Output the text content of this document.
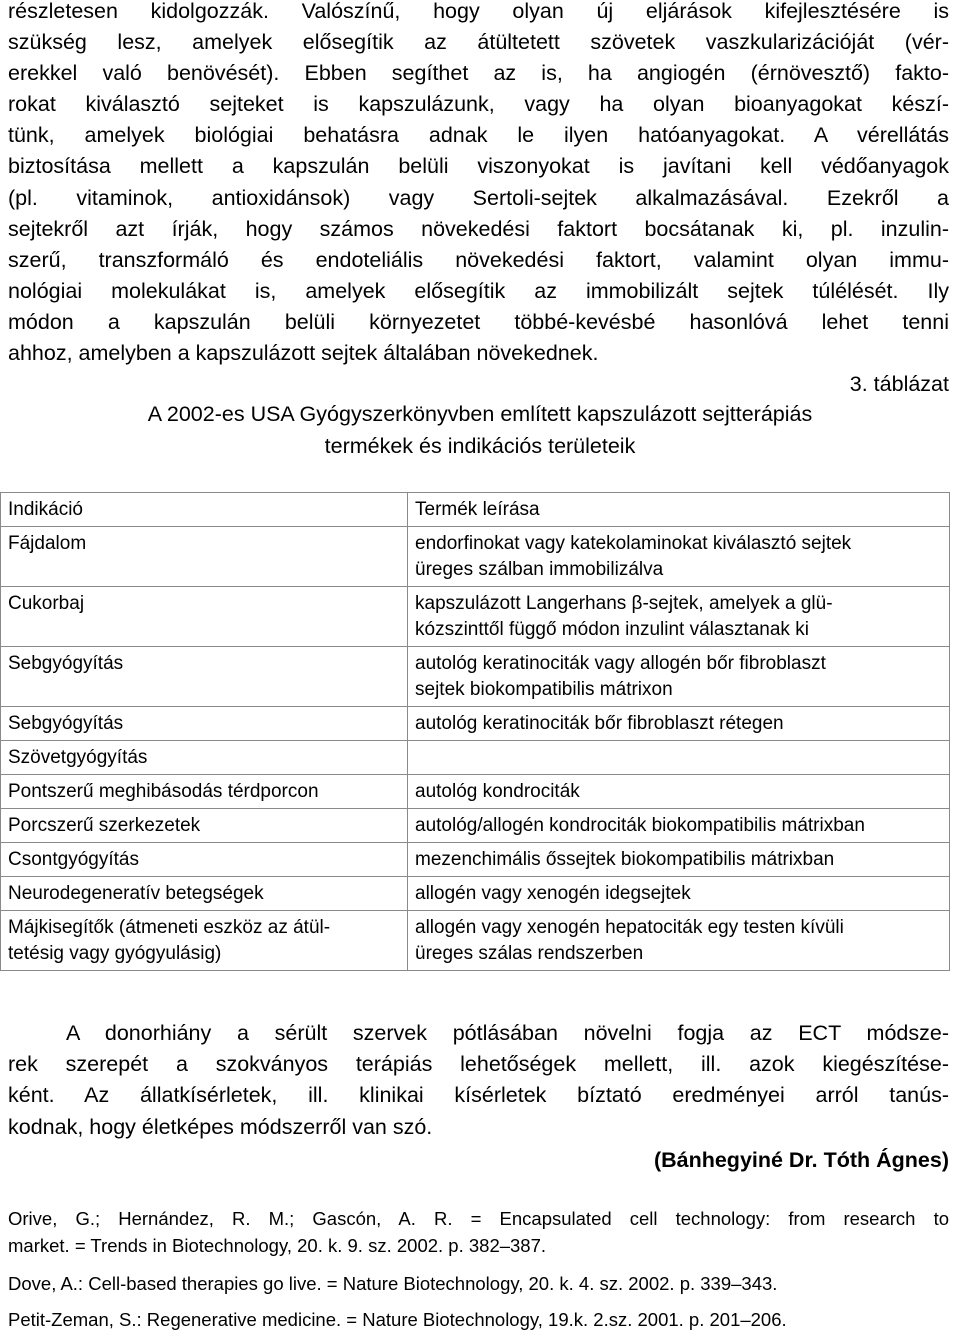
részletesen kidolgozzák. Valószínű, hogy olyan új eljárások kifejlesztésére is
szükség lesz, amelyek elősegítik az átültetett szövetek vaszkularizációját (vér-
erekkel való benövését). Ebben segíthet az is, ha angiogén (érnövesztő) fakto-
rokat kiválasztó sejteket is kapszulázunk, vagy ha olyan bioanyagokat készí-
tünk, amelyek biológiai behatásra adnak le ilyen hatóanyagokat. A vérellátás
biztosítása mellett a kapszulán belüli viszonyokat is javítani kell védőanyagok
(pl. vitaminok, antioxidánsok) vagy Sertoli-sejtek alkalmazásával. Ezekről a
sejtekről azt írják, hogy számos növekedési faktort bocsátanak ki, pl. inzulin-
szerű, transzformáló és endoteliális növekedési faktort, valamint olyan immu-
nológiai molekulákat is, amelyek elősegítik az immobilizált sejtek túlélését. Ily
módon a kapszulán belüli környezetet többé-kevésbé hasonlóvá lehet tenni
ahhoz, amelyben a kapszulázott sejtek általában növekednek.
3. táblázat
A 2002-es USA Gyógyszerkönyvben említett kapszulázott sejtterápiás
termékek és indikációs területeik
Indikáció	Termék leírása

Fájdalom	endorfinokat vagy katekolaminokat kiválasztó sejtek
üreges szálban immobilizálva

Cukorbaj	kapszulázott Langerhans β-sejtek, amelyek a glü-
kózszinttől függő módon inzulint választanak ki

Sebgyógyítás	autológ keratinociták vagy allogén bőr fibroblaszt
sejtek biokompatibilis mátrixon

Sebgyógyítás	autológ keratinociták bőr fibroblaszt rétegen

Szövetgyógyítás	

Pontszerű meghibásodás térdporcon	autológ kondrociták

Porcszerű szerkezetek	autológ/allogén kondrociták biokompatibilis mátrixban

Csontgyógyítás	mezenchimális őssejtek biokompatibilis mátrixban

Neurodegeneratív betegségek	allogén vagy xenogén idegsejtek

Májkisegítők (átmeneti eszköz az átül-
tetésig vagy gyógyulásig)	allogén vagy xenogén hepatociták egy testen kívüli
üreges szálas rendszerben
A donorhiány a sérült szervek pótlásában növelni fogja az ECT módsze-
rek szerepét a szokványos terápiás lehetőségek mellett, ill. azok kiegészítése-
ként. Az állatkísérletek, ill. klinikai kísérletek bíztató eredményei arról tanús-
kodnak, hogy életképes módszerről van szó.
(Bánhegyiné Dr. Tóth Ágnes)
Orive, G.; Hernández, R. M.; Gascón, A. R. = Encapsulated cell technology: from research to
market. = Trends in Biotechnology, 20. k. 9. sz. 2002. p. 382–387.
Dove, A.: Cell-based therapies go live. = Nature Biotechnology, 20. k. 4. sz. 2002. p. 339–343.
Petit-Zeman, S.: Regenerative medicine. = Nature Biotechnology, 19.k. 2.sz. 2001. p. 201–206.
